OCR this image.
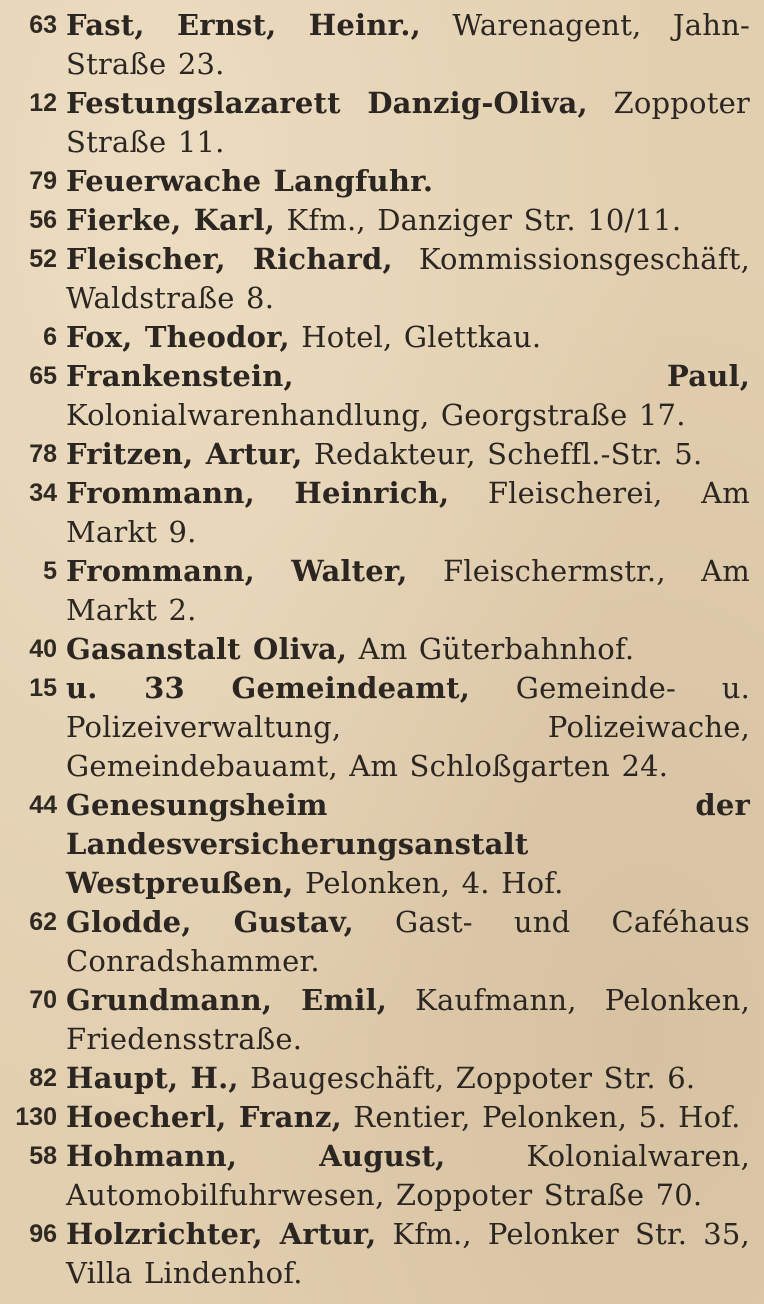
63 Fast, Ernst, Heinr., Warenagent, Jahn-Straße 23.
12 Festungslazarett Danzig-Oliva, Zoppoter Straße 11.
79 Feuerwache Langfuhr.
56 Fierke, Karl, Kfm., Danziger Str. 10/11.
52 Fleischer, Richard, Kommissionsgeschäft, Waldstraße 8.
6 Fox, Theodor, Hotel, Glettkau.
65 Frankenstein, Paul, Kolonialwarenhandlung, Georgstraße 17.
78 Fritzen, Artur, Redakteur, Scheffl.-Str. 5.
34 Frommann, Heinrich, Fleischerei, Am Markt 9.
5 Frommann, Walter, Fleischermstr., Am Markt 2.
40 Gasanstalt Oliva, Am Güterbahnhof.
15 u. 33 Gemeindeamt, Gemeinde- u. Polizeiverwaltung, Polizeiwache, Gemeindebauamt, Am Schloßgarten 24.
44 Genesungsheim der Landesversicherungsanstalt Westpreußen, Pelonken, 4. Hof.
62 Glodde, Gustav, Gast- und Caféhaus Conradshammer.
70 Grundmann, Emil, Kaufmann, Pelonken, Friedensstraße.
82 Haupt, H., Baugeschäft, Zoppoter Str. 6.
130 Hoecherl, Franz, Rentier, Pelonken, 5. Hof.
58 Hohmann, August, Kolonialwaren, Automobilfuhrwesen, Zoppoter Straße 70.
96 Holzrichter, Artur, Kfm., Pelonker Str. 35, Villa Lindenhof.
